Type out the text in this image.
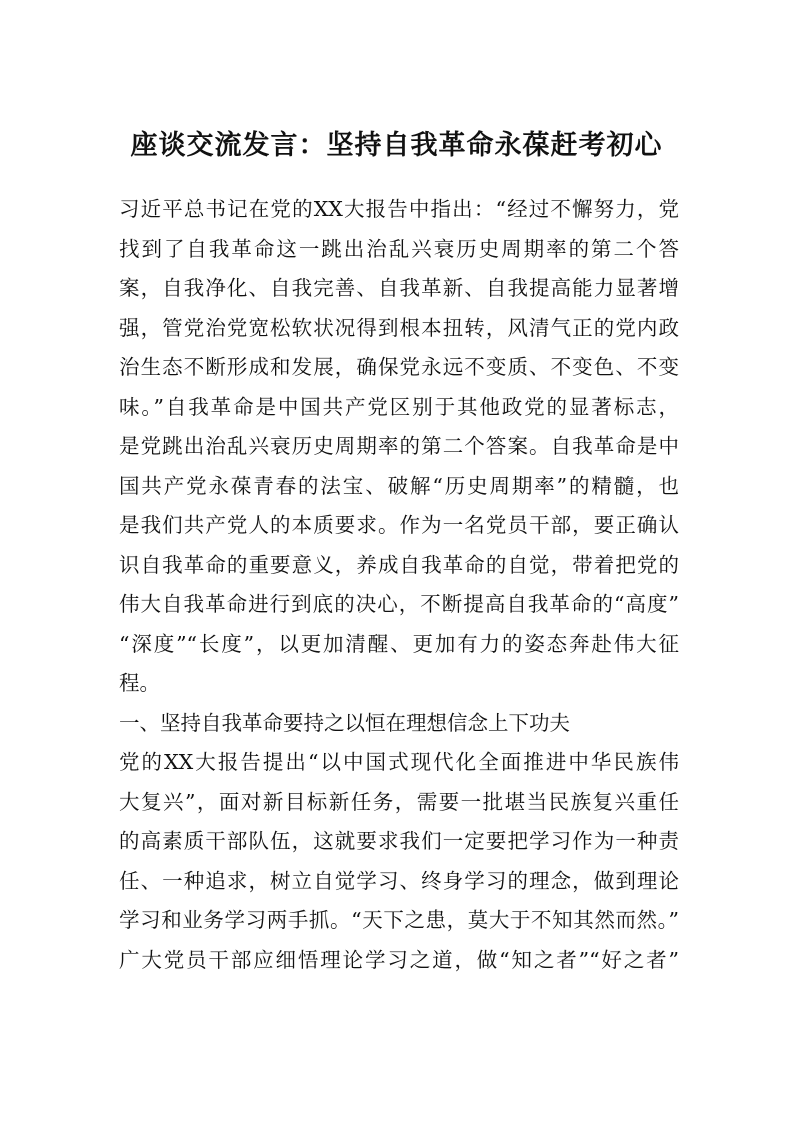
座谈交流发言：坚持自我革命永葆赶考初心
习近平总书记在党的XX大报告中指出：“经过不懈努力，党
找到了自我革命这一跳出治乱兴衰历史周期率的第二个答
案，自我净化、自我完善、自我革新、自我提高能力显著增
强，管党治党宽松软状况得到根本扭转，风清气正的党内政
治生态不断形成和发展，确保党永远不变质、不变色、不变
味。”自我革命是中国共产党区别于其他政党的显著标志，
是党跳出治乱兴衰历史周期率的第二个答案。自我革命是中
国共产党永葆青春的法宝、破解“历史周期率”的精髓，也
是我们共产党人的本质要求。作为一名党员干部，要正确认
识自我革命的重要意义，养成自我革命的自觉，带着把党的
伟大自我革命进行到底的决心，不断提高自我革命的“高度”
“深度”“长度”，以更加清醒、更加有力的姿态奔赴伟大征
程。
一、坚持自我革命要持之以恒在理想信念上下功夫
党的XX大报告提出“以中国式现代化全面推进中华民族伟
大复兴”，面对新目标新任务，需要一批堪当民族复兴重任
的高素质干部队伍，这就要求我们一定要把学习作为一种责
任、一种追求，树立自觉学习、终身学习的理念，做到理论
学习和业务学习两手抓。“天下之患，莫大于不知其然而然。”
广大党员干部应细悟理论学习之道，做“知之者”“好之者”
